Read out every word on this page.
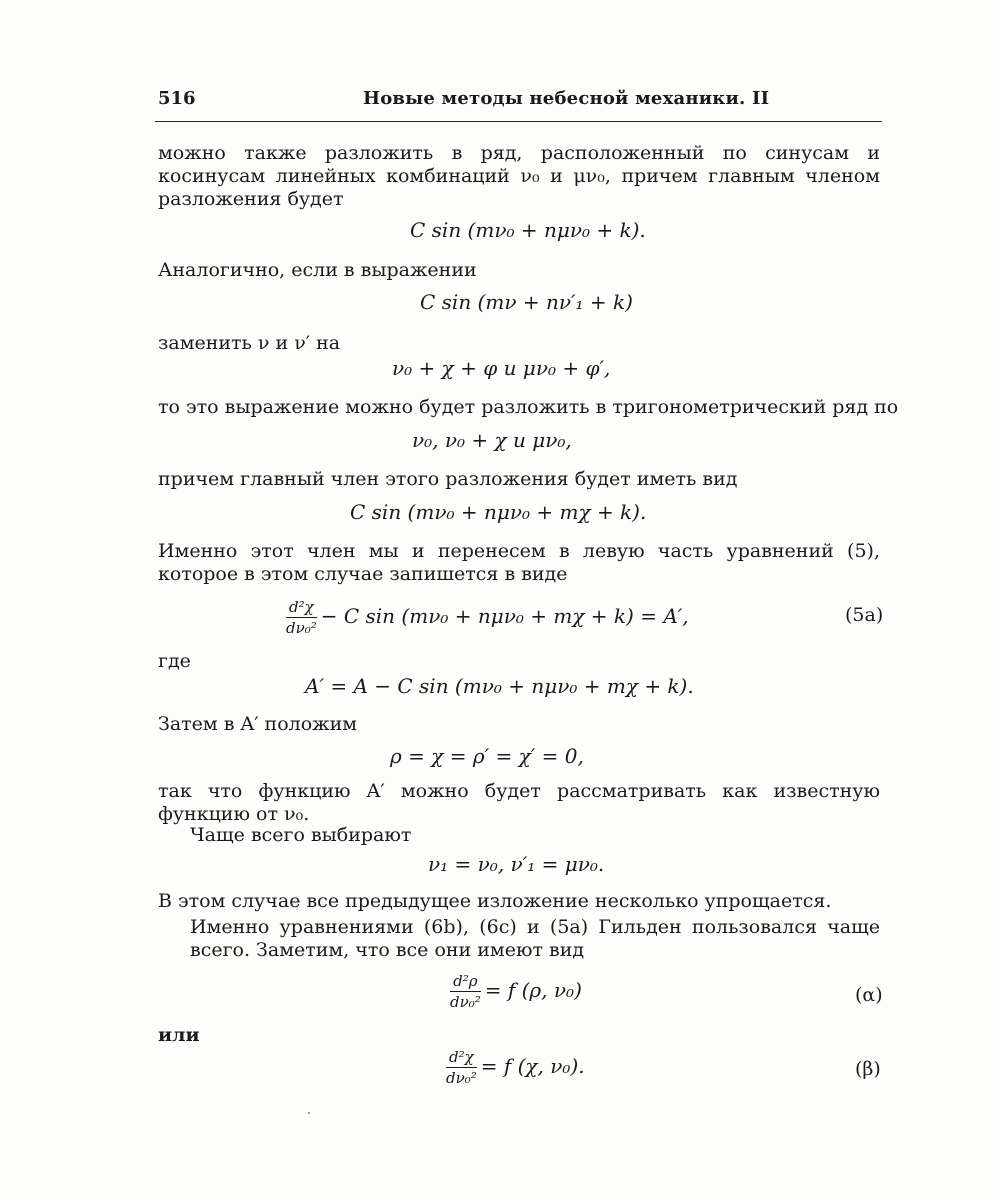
516	Новые методы небесной механики. II
можно также разложить в ряд, расположенный по синусам и косинусам линейных комбинаций ν₀ и μν₀, причем главным членом разложения будет
C sin (mν₀ + nμν₀ + k).
Аналогично, если в выражении
C sin (mν + nν′₁ + k)
заменить ν и ν′ на
ν₀ + χ + φ и μν₀ + φ′,
то это выражение можно будет разложить в тригонометрический ряд по
ν₀, ν₀ + χ и μν₀,
причем главный член этого разложения будет иметь вид
C sin (mν₀ + nμν₀ + mχ + k).
Именно этот член мы и перенесем в левую часть уравнений (5), которое в этом случае запишется в виде
$\frac{\text{d²χ}}{\text{dν₀²}} - C$ sin (mν₀ + nμν₀ + mχ + k) = A′,	(5a)
где
A′ = A − C sin (mν₀ + nμν₀ + mχ + k).
Затем в A′ положим
ρ = χ = ρ′ = χ′ = 0,
так что функцию A′ можно будет рассматривать как известную функцию от ν₀.
Чаще всего выбирают
ν₁ = ν₀, ν′₁ = μν₀.
В этом случае все предыдущее изложение несколько упрощается.
Именно уравнениями (6b), (6c) и (5a) Гильден пользовался чаще всего. Заметим, что все они имеют вид
$\frac{\text{d²ρ}}{\text{dν₀²}} = f$ (ρ, ν₀)	(α)
или
$\frac{\text{d²χ}}{\text{dν₀²}} = f$ (χ, ν₀).	(β)
